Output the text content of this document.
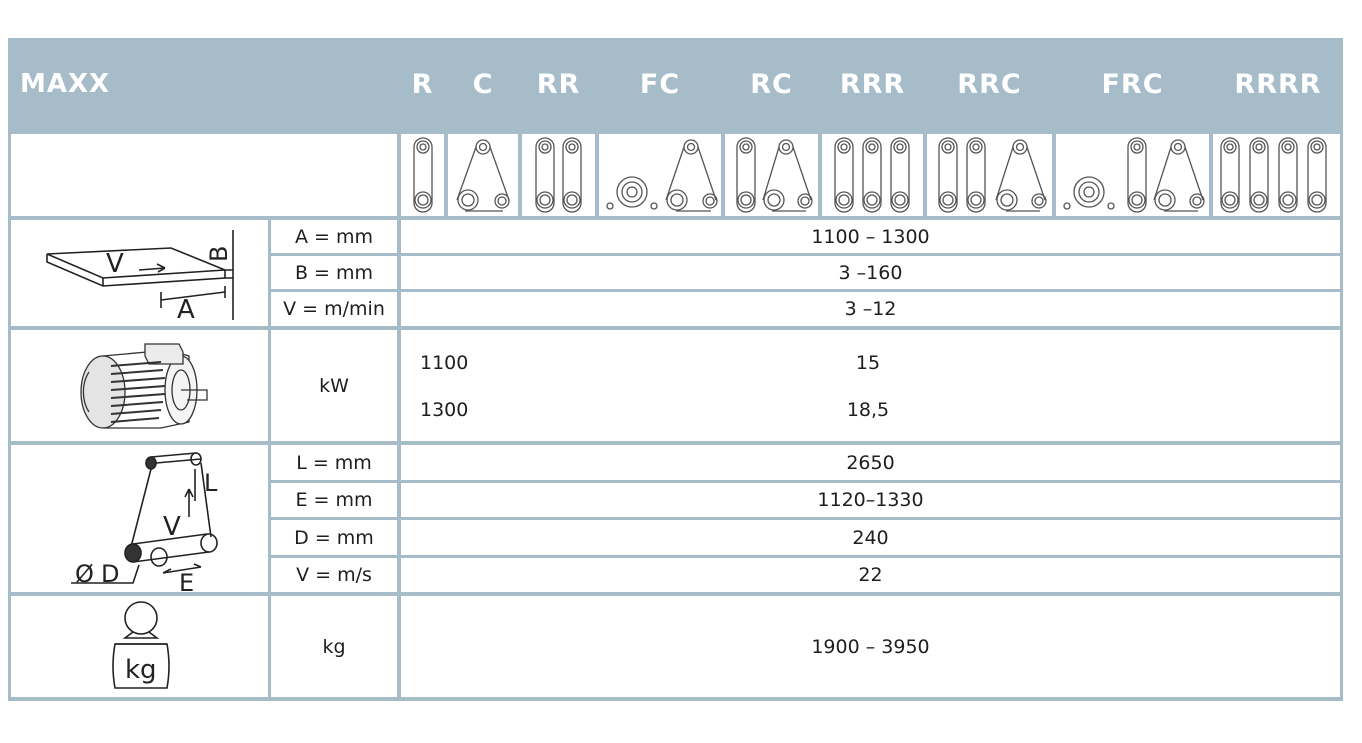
MAXX	R	C	RR	FC	RC	RRR	RRC	FRC	RRRR
V
A
B
A = mm	1100 – 1300
B = mm	3 –160
V = m/min	3 –12
kW
1100	15
1300	18,5
L
V
Ø D E
L = mm	2650
E = mm	1120–1330
D = mm	240
V = m/s	22
kg
kg	1900 – 3950
